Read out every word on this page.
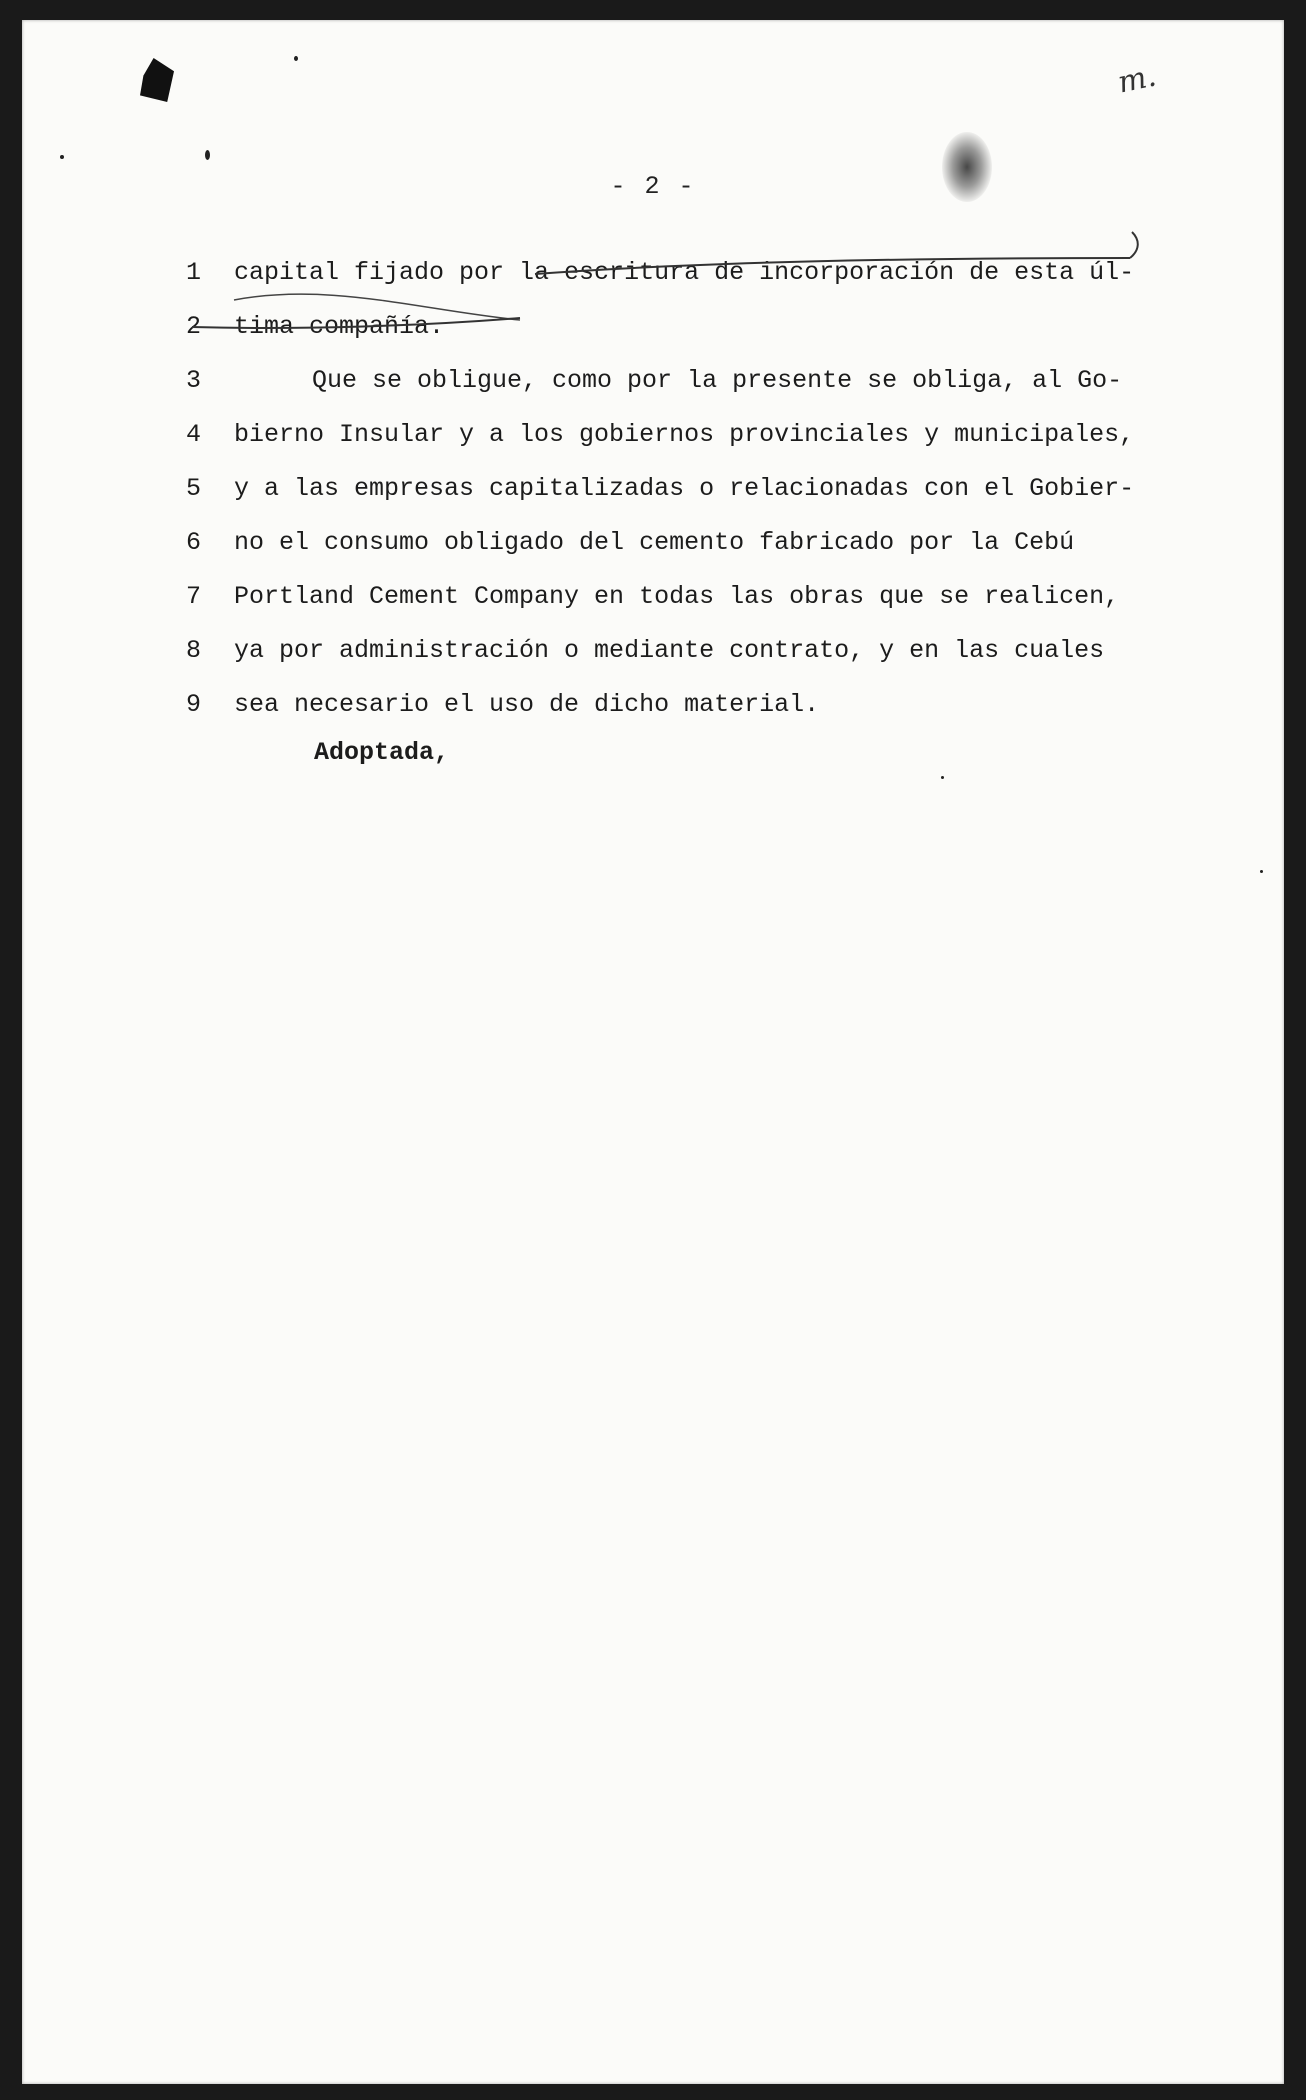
m.
- 2 -
1	capital fijado por la escritura de incorporación de esta úl-
2	tima compañía.
3	Que se obligue, como por la presente se obliga, al Go-
4	bierno Insular y a los gobiernos provinciales y municipales,
5	y a las empresas capitalizadas o relacionadas con el Gobier-
6	no el consumo obligado del cemento fabricado por la Cebú
7	Portland Cement Company en todas las obras que se realicen,
8	ya por administración o mediante contrato, y en las cuales
9	sea necesario el uso de dicho material.
Adoptada,
